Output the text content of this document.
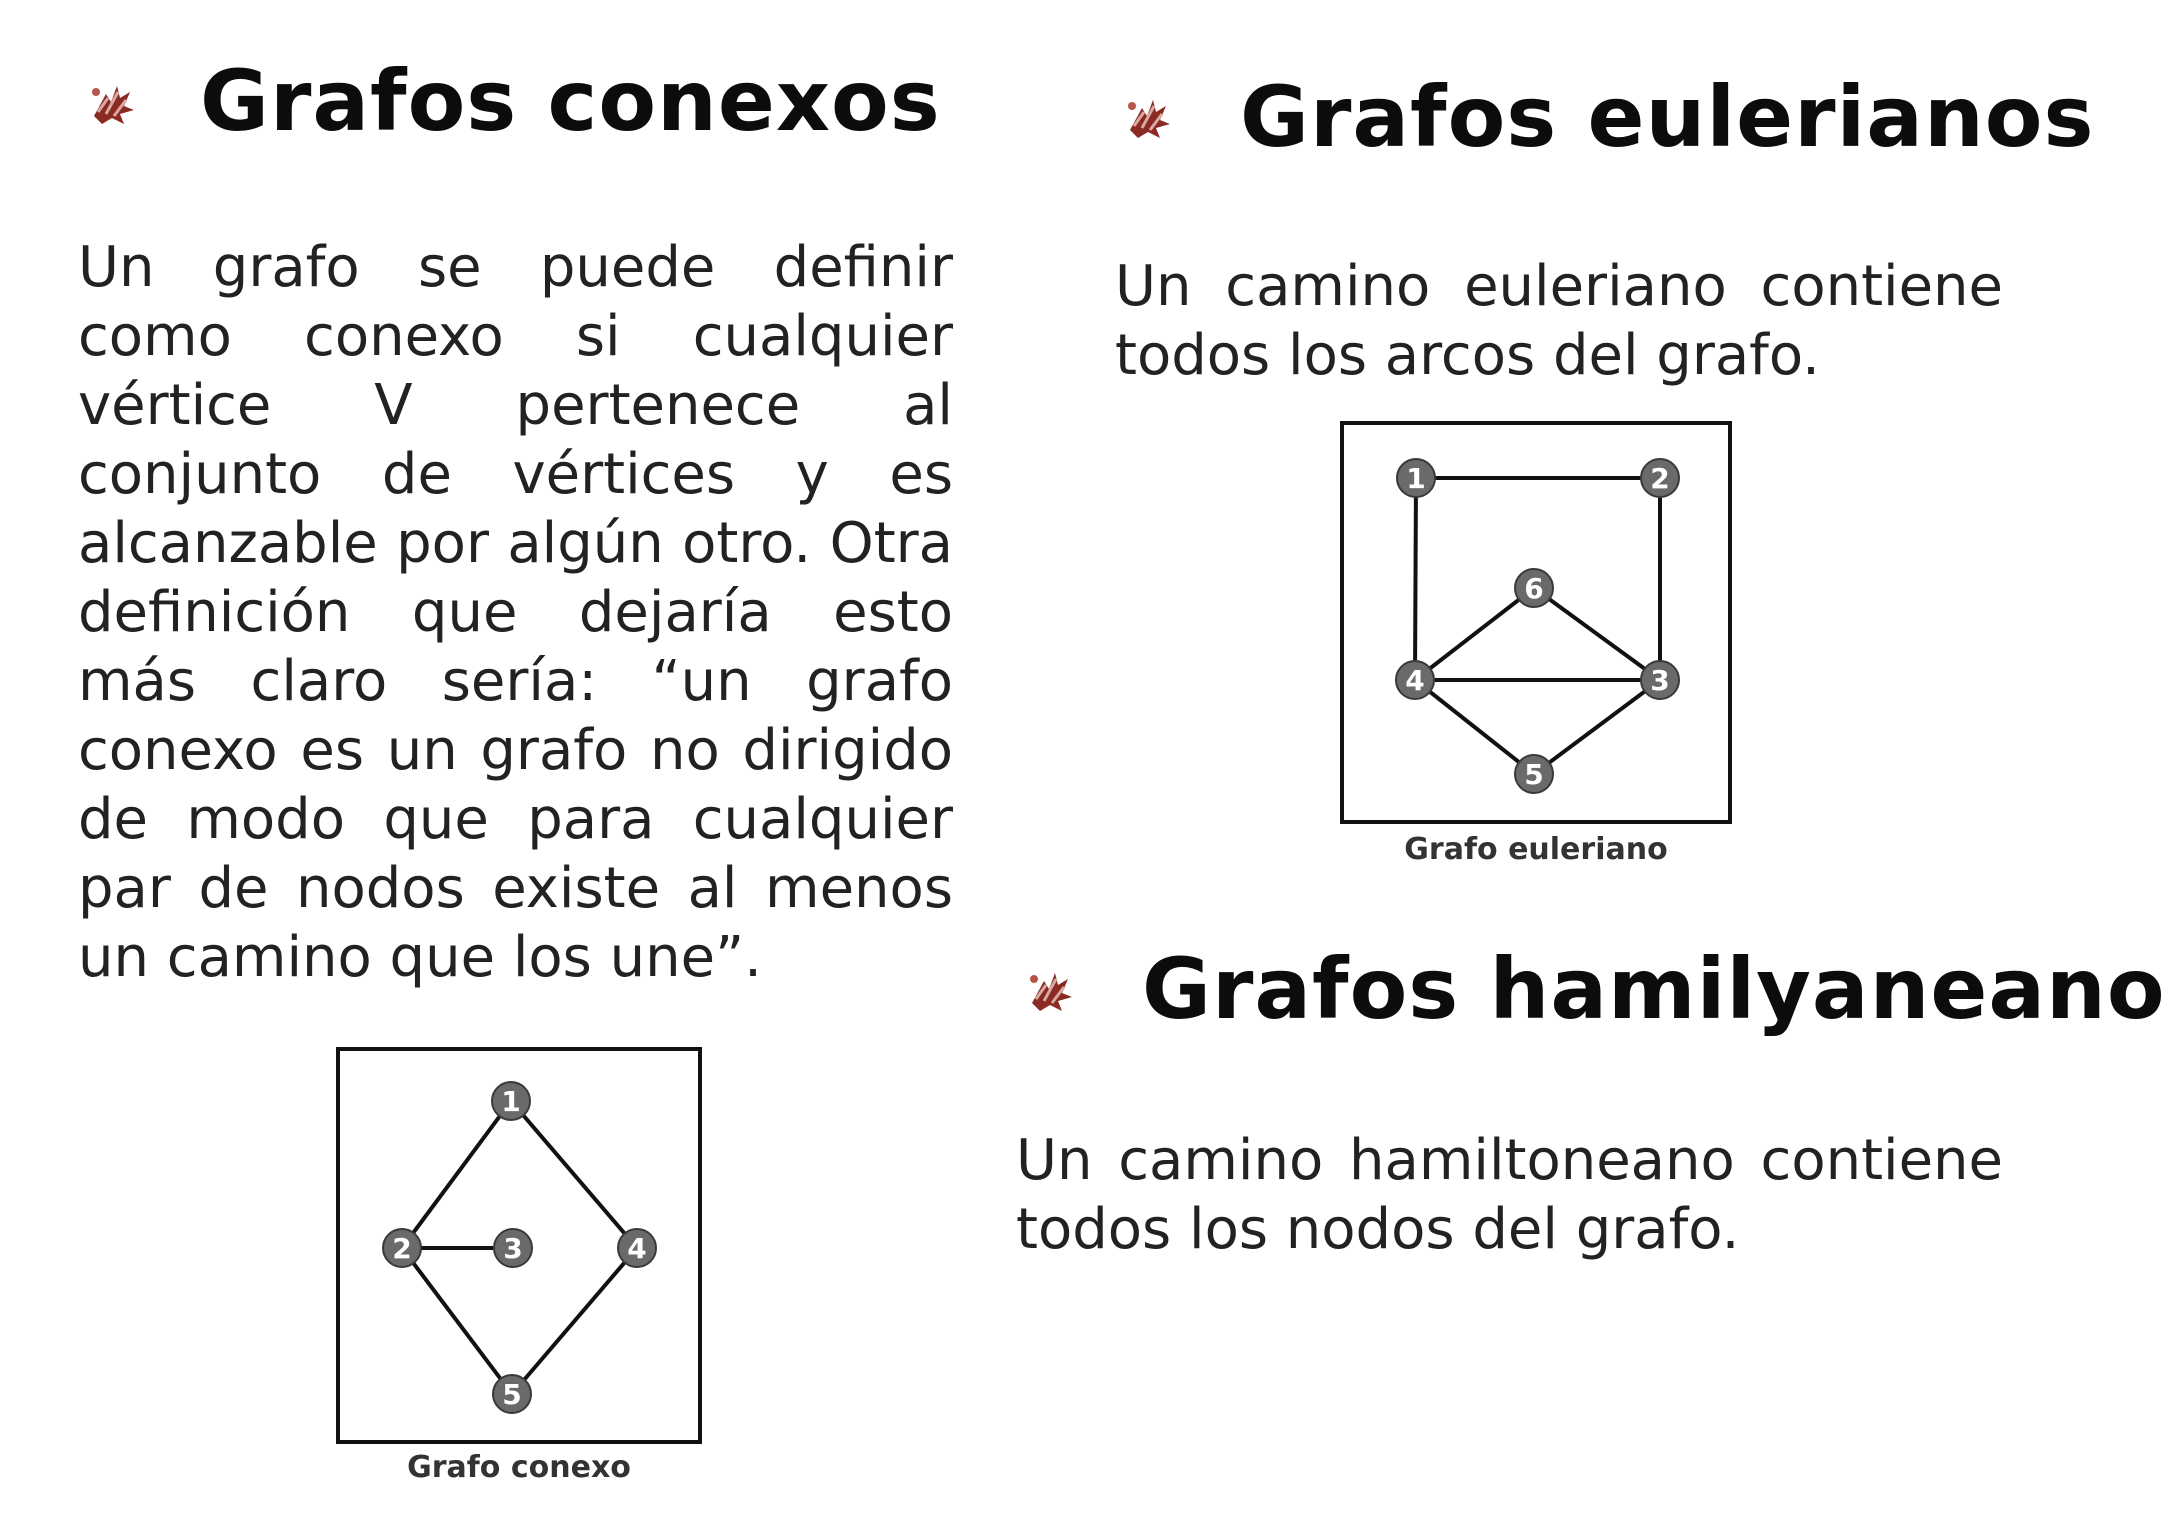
Grafos conexos

Un grafo se puede definir como conexo si cualquier vértice V pertenece al conjunto de vértices y es alcanzable por algún otro. Otra definición que dejaría esto más claro sería: “un grafo conexo es un grafo no dirigido de modo que para cualquier par de nodos existe al menos un camino que los une”.

1
2	3	4
5
Grafo conexo
Grafos eulerianos

Un camino euleriano contiene todos los arcos del grafo.

1	2
3
4
5
6
Grafo euleriano
Grafos hamilyaneano

Un camino hamiltoneano contiene todos los nodos del grafo.
